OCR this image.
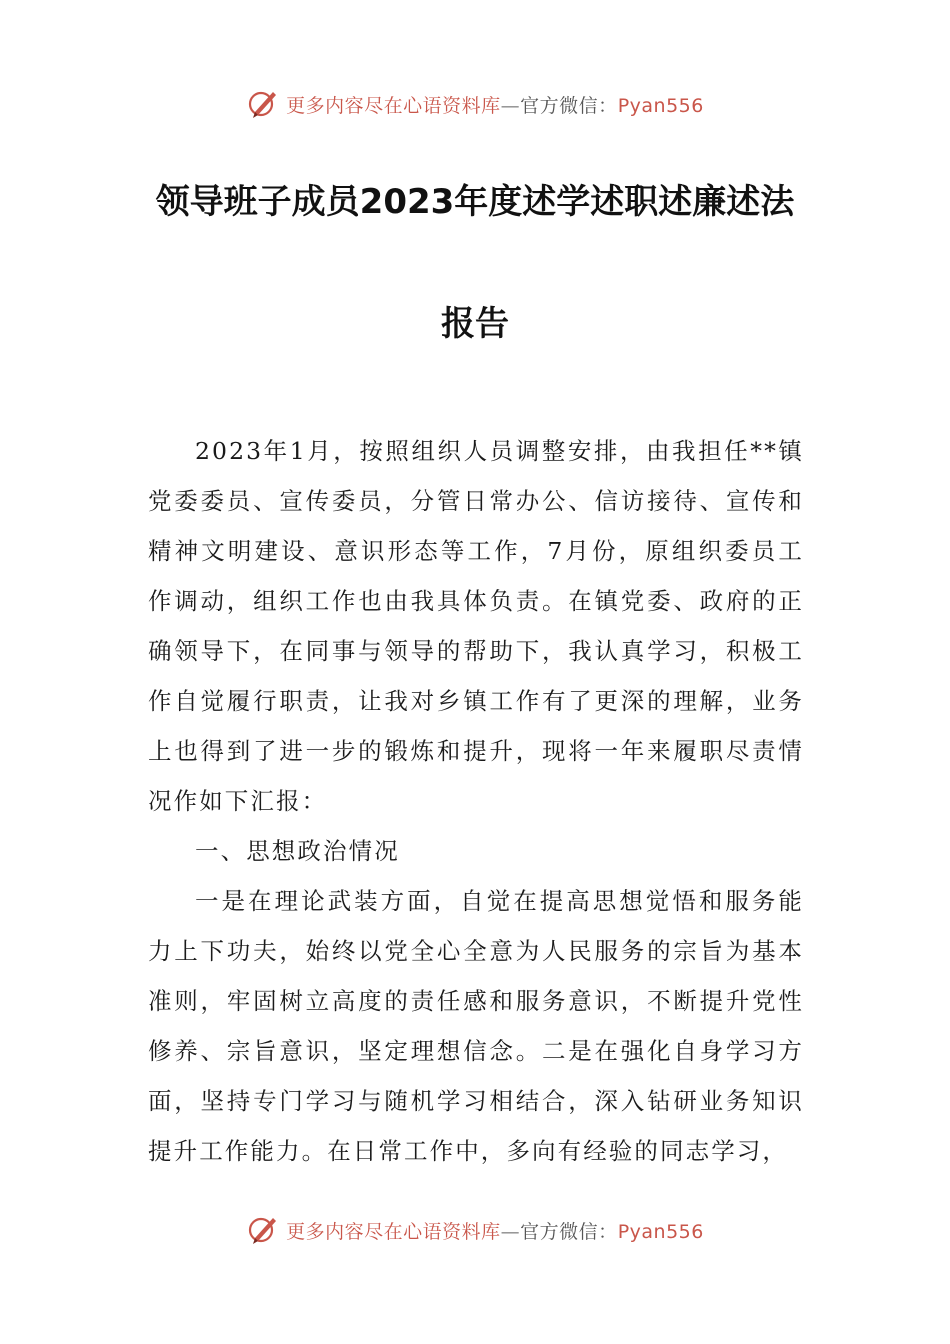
更多内容尽在心语资料库—官方微信：Pyan556
领导班子成员2023年度述学述职述廉述法
报告

2023年1月，按照组织人员调整安排，由我担任**镇党委委员、宣传委员，分管日常办公、信访接待、宣传和精神文明建设、意识形态等工作，7月份，原组织委员工作调动，组织工作也由我具体负责。在镇党委、政府的正确领导下，在同事与领导的帮助下，我认真学习，积极工作自觉履行职责，让我对乡镇工作有了更深的理解，业务上也得到了进一步的锻炼和提升，现将一年来履职尽责情况作如下汇报：

一、思想政治情况

一是在理论武装方面，自觉在提高思想觉悟和服务能力上下功夫，始终以党全心全意为人民服务的宗旨为基本准则，牢固树立高度的责任感和服务意识，不断提升党性修养、宗旨意识，坚定理想信念。二是在强化自身学习方面，坚持专门学习与随机学习相结合，深入钻研业务知识提升工作能力。在日常工作中，多向有经验的同志学习，

更多内容尽在心语资料库—官方微信：Pyan556
